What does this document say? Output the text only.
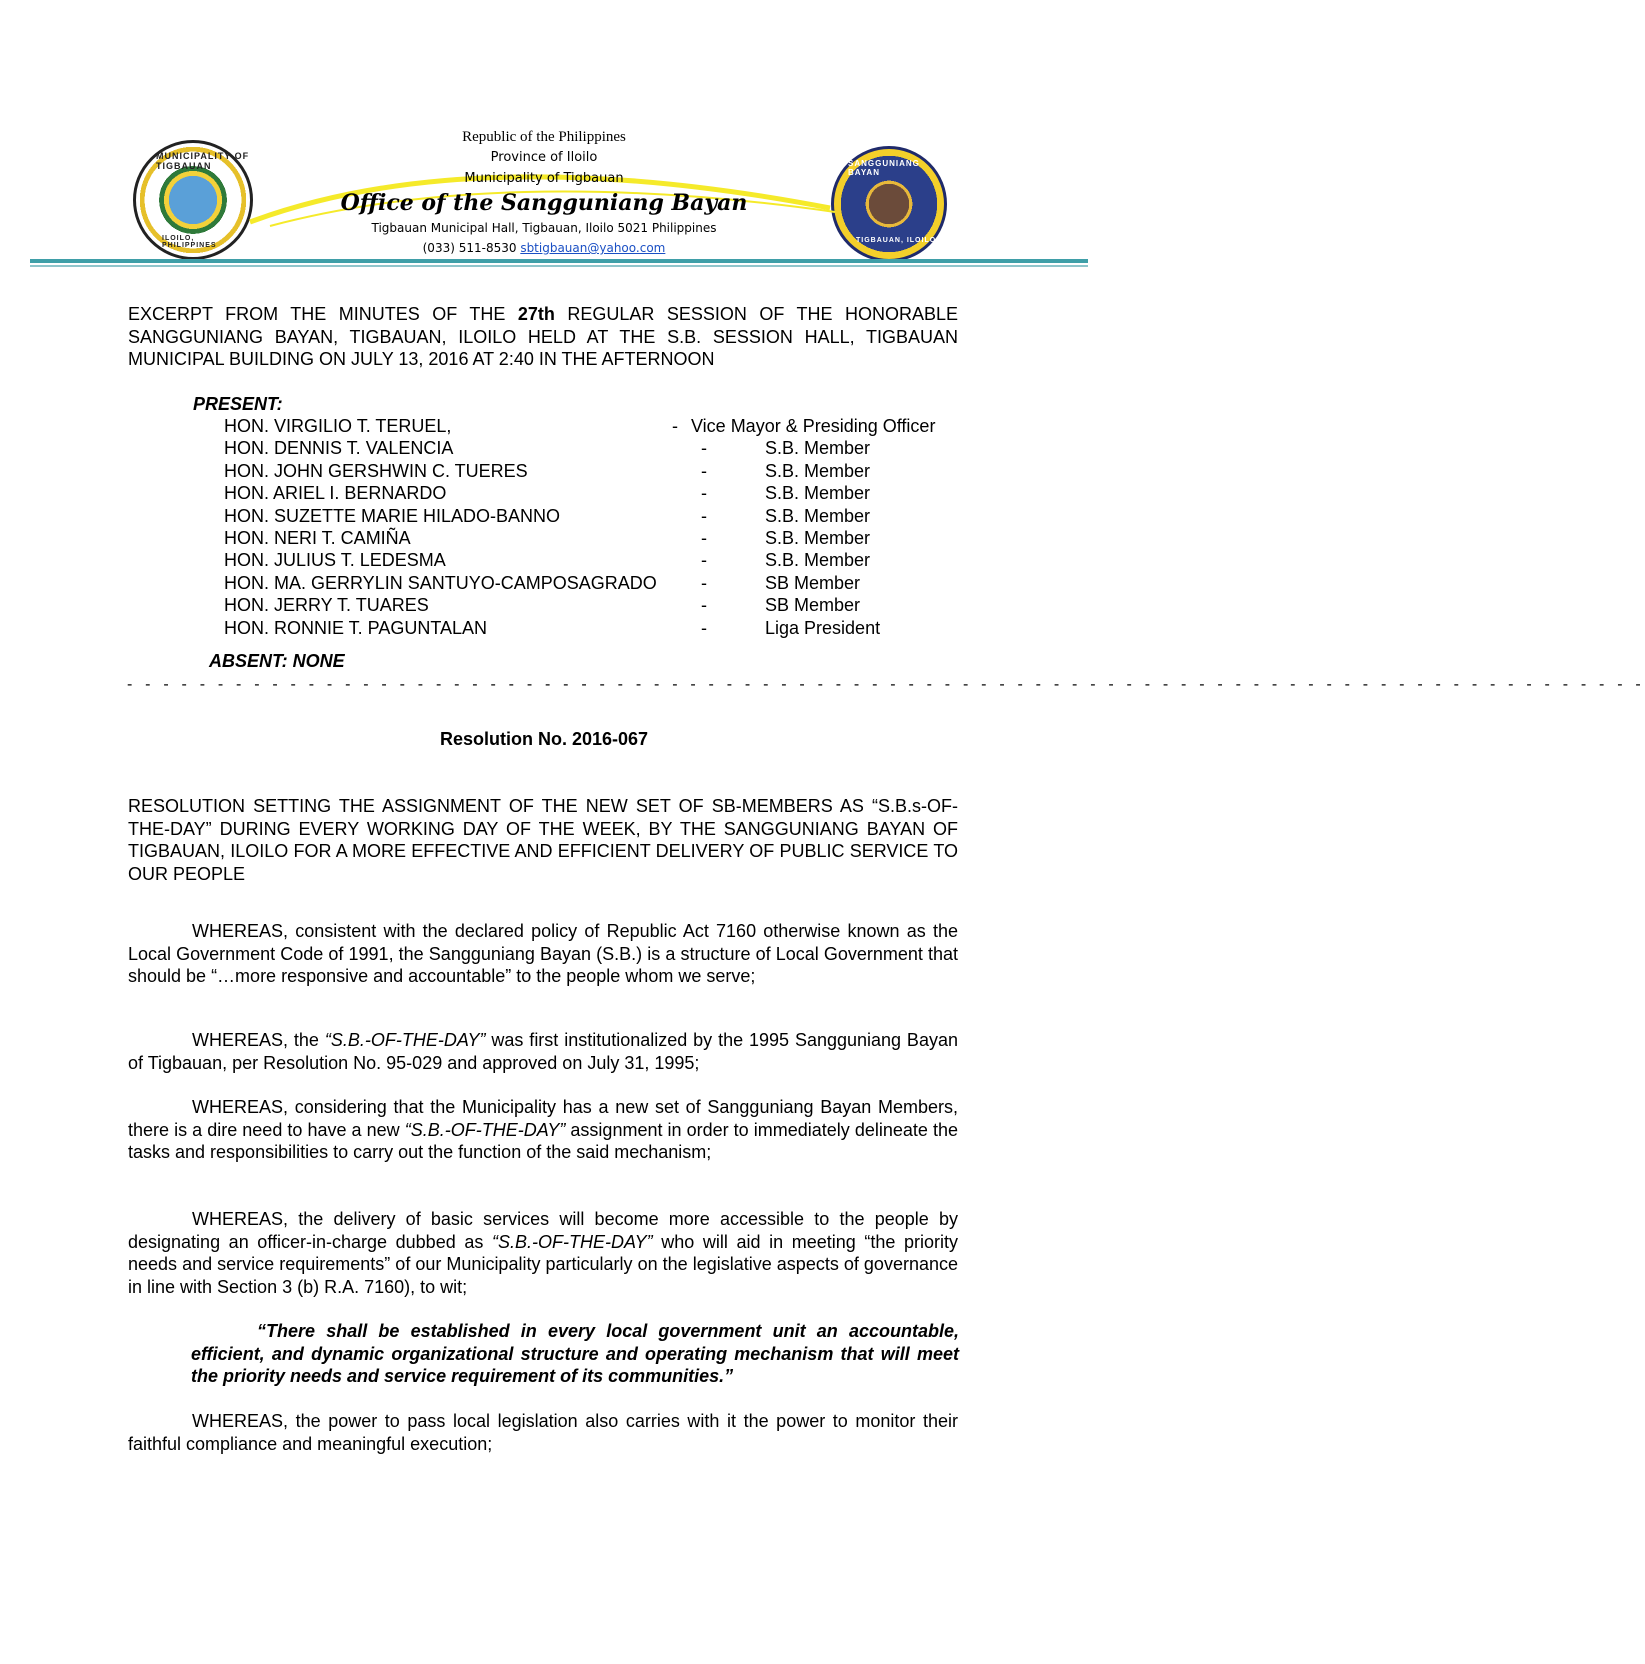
MUNICIPALITY OF TIGBAUAN
ILOILO, PHILIPPINES
SANGGUNIANG BAYAN
TIGBAUAN, ILOILO
Republic of the Philippines
Province of Iloilo
Municipality of Tigbauan
Office of the Sangguniang Bayan
Tigbauan Municipal Hall, Tigbauan, Iloilo 5021 Philippines
(033) 511-8530 sbtigbauan@yahoo.com
EXCERPT FROM THE MINUTES OF THE 27th REGULAR SESSION OF THE HONORABLE SANGGUNIANG BAYAN, TIGBAUAN, ILOILO HELD AT THE S.B. SESSION HALL, TIGBAUAN MUNICIPAL BUILDING ON JULY 13, 2016 AT 2:40 IN THE AFTERNOON
PRESENT:
HON. VIRGILIO T. TERUEL,	- Vice Mayor & Presiding Officer
HON. DENNIS T. VALENCIA	-	S.B. Member
HON. JOHN GERSHWIN C. TUERES	-	S.B. Member
HON. ARIEL I. BERNARDO	-	S.B. Member
HON. SUZETTE MARIE HILADO-BANNO	-	S.B. Member
HON. NERI T. CAMIÑA	-	S.B. Member
HON. JULIUS T. LEDESMA	-	S.B. Member
HON. MA. GERRYLIN SANTUYO-CAMPOSAGRADO -	SB Member
HON. JERRY T. TUARES	-	SB Member
HON. RONNIE T. PAGUNTALAN	-	Liga President
ABSENT: NONE
- - - - - - - - - - - - - - - - - - - - - - - - - - - - - - - - - - - - - - - - - - - - - - - - - - - - - - - - - - - - - - - - - - - - - - - - - - - - - - - - - - - -
Resolution No. 2016-067
RESOLUTION SETTING THE ASSIGNMENT OF THE NEW SET OF SB-MEMBERS AS “S.B.s-OF-THE-DAY” DURING EVERY WORKING DAY OF THE WEEK, BY THE SANGGUNIANG BAYAN OF TIGBAUAN, ILOILO FOR A MORE EFFECTIVE AND EFFICIENT DELIVERY OF PUBLIC SERVICE TO OUR PEOPLE
WHEREAS, consistent with the declared policy of Republic Act 7160 otherwise known as the Local Government Code of 1991, the Sangguniang Bayan (S.B.) is a structure of Local Government that should be “…more responsive and accountable” to the people whom we serve;
WHEREAS, the “S.B.-OF-THE-DAY” was first institutionalized by the 1995 Sangguniang Bayan of Tigbauan, per Resolution No. 95-029 and approved on July 31, 1995;
WHEREAS, considering that the Municipality has a new set of Sangguniang Bayan Members, there is a dire need to have a new “S.B.-OF-THE-DAY” assignment in order to immediately delineate the tasks and responsibilities to carry out the function of the said mechanism;
WHEREAS, the delivery of basic services will become more accessible to the people by designating an officer-in-charge dubbed as “S.B.-OF-THE-DAY” who will aid in meeting “the priority needs and service requirements” of our Municipality particularly on the legislative aspects of governance in line with Section 3 (b) R.A. 7160), to wit;
“There shall be established in every local government unit an accountable, efficient, and dynamic organizational structure and operating mechanism that will meet the priority needs and service requirement of its communities.”
WHEREAS, the power to pass local legislation also carries with it the power to monitor their faithful compliance and meaningful execution;
